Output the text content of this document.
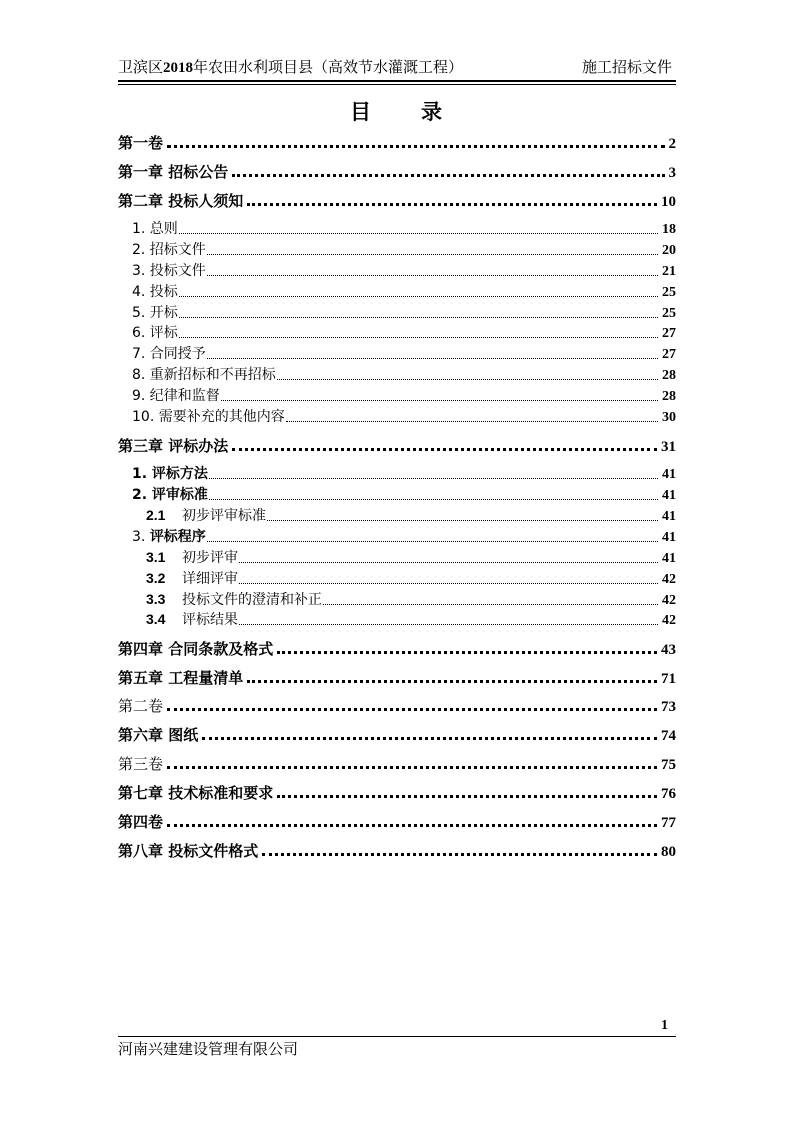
卫滨区2018年农田水利项目县（高效节水灌溉工程）	施工招标文件
目 录
第一卷	2
第一章 招标公告	3
第二章 投标人须知	10
1. 总则	18
2. 招标文件	20
3. 投标文件	21
4. 投标	25
5. 开标	25
6. 评标	27
7. 合同授予	27
8. 重新招标和不再招标	28
9. 纪律和监督	28
10. 需要补充的其他内容	30
第三章 评标办法	31
1. 评标方法	41
2. 评审标准	41
2.1 初步评审标准	41
3. 评标程序	41
3.1 初步评审	41
3.2 详细评审	42
3.3 投标文件的澄清和补正	42
3.4 评标结果	42
第四章 合同条款及格式	43
第五章 工程量清单	71
第二卷	73
第六章 图纸	74
第三卷	75
第七章 技术标准和要求	76
第四卷	77
第八章 投标文件格式	80
1
河南兴建建设管理有限公司
